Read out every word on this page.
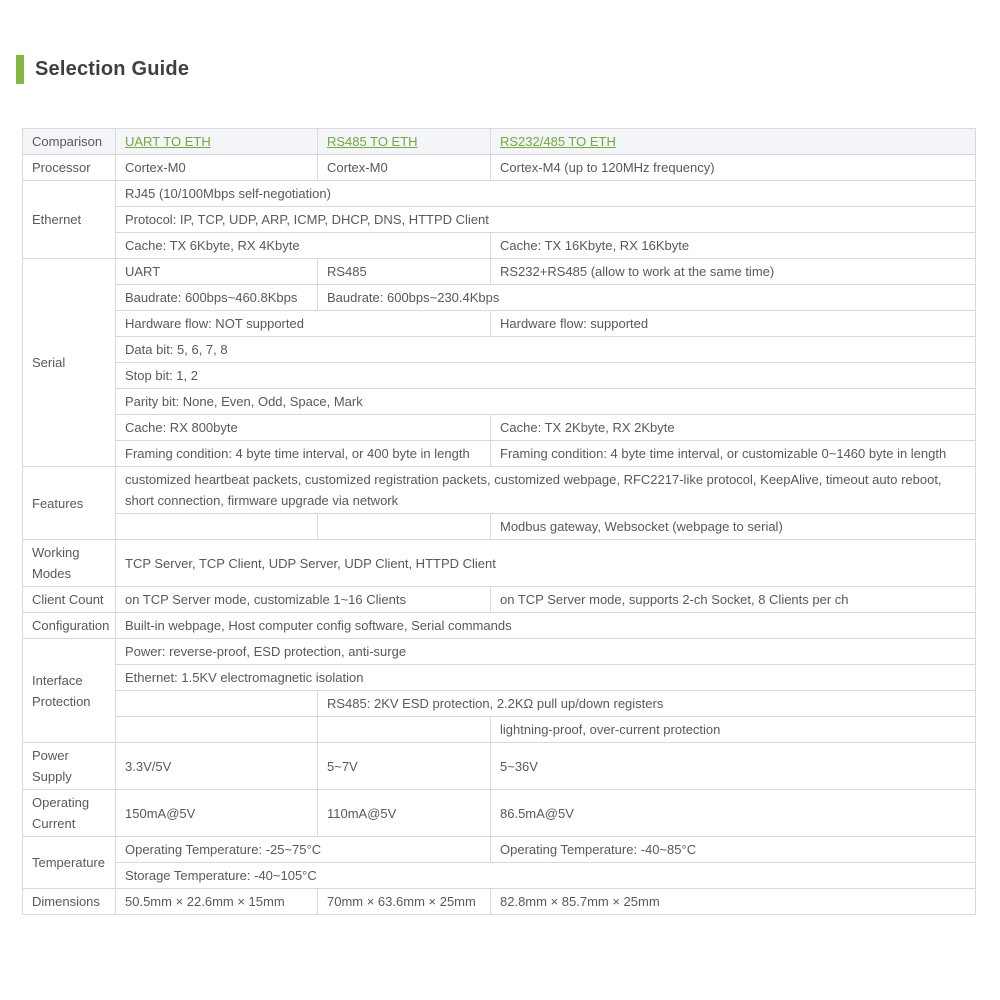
Selection Guide
Comparison	UART TO ETH	RS485 TO ETH	RS232/485 TO ETH
Processor	Cortex-M0	Cortex-M0	Cortex-M4 (up to 120MHz frequency)
Ethernet	RJ45 (10/100Mbps self-negotiation)		
	Protocol: IP, TCP, UDP, ARP, ICMP, DHCP, DNS, HTTPD Client		
	Cache: TX 6Kbyte, RX 4Kbyte		Cache: TX 16Kbyte, RX 16Kbyte
Serial	UART	RS485	RS232+RS485 (allow to work at the same time)
	Baudrate: 600bps~460.8Kbps	Baudrate: 600bps~230.4Kbps	
	Hardware flow: NOT supported		Hardware flow: supported
	Data bit: 5, 6, 7, 8		
	Stop bit: 1, 2		
	Parity bit: None, Even, Odd, Space, Mark		
	Cache: RX 800byte		Cache: TX 2Kbyte, RX 2Kbyte
	Framing condition: 4 byte time interval, or 400 byte in length		Framing condition: 4 byte time interval, or customizable 0~1460 byte in length
Features	customized heartbeat packets, customized registration packets, customized webpage, RFC2217-like protocol, KeepAlive, timeout auto reboot, short connection, firmware upgrade via network		
			Modbus gateway, Websocket (webpage to serial)
Working Modes	TCP Server, TCP Client, UDP Server, UDP Client, HTTPD Client		
Client Count	on TCP Server mode, customizable 1~16 Clients		on TCP Server mode, supports 2-ch Socket, 8 Clients per ch
Configuration	Built-in webpage, Host computer config software, Serial commands		
Interface Protection	Power: reverse-proof, ESD protection, anti-surge		
	Ethernet: 1.5KV electromagnetic isolation		
		RS485: 2KV ESD protection, 2.2KΩ pull up/down registers	
			lightning-proof, over-current protection
Power Supply	3.3V/5V	5~7V	5~36V
Operating Current	150mA@5V	110mA@5V	86.5mA@5V
Temperature	Operating Temperature: -25~75°C		Operating Temperature: -40~85°C
	Storage Temperature: -40~105°C		
Dimensions	50.5mm × 22.6mm × 15mm	70mm × 63.6mm × 25mm	82.8mm × 85.7mm × 25mm
